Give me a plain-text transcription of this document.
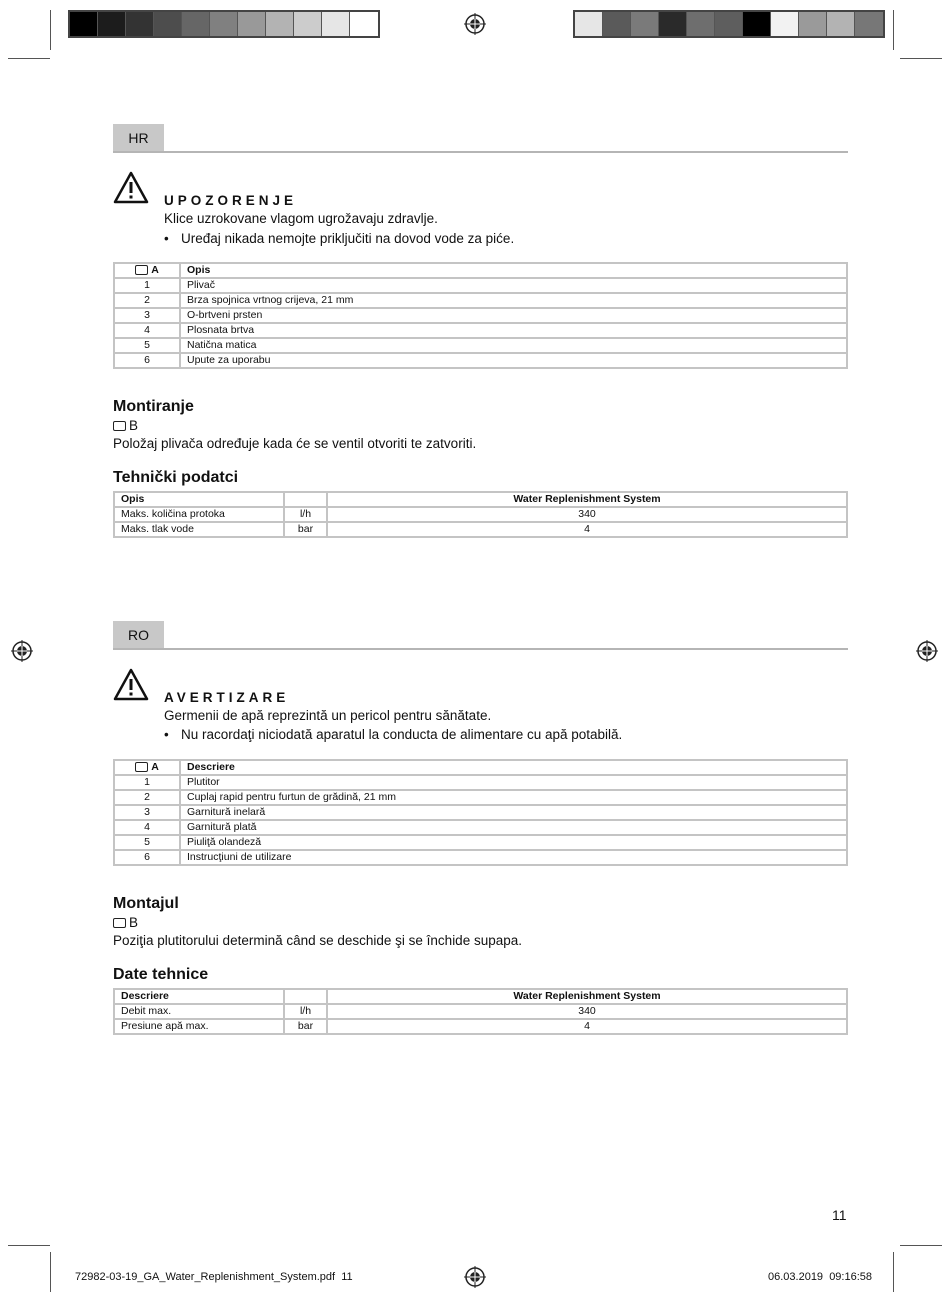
HR
UPOZORENJE
Klice uzrokovane vlagom ugrožavaju zdravlje.
• Uređaj nikada nemojte priključiti na dovod vode za piće.
A	Opis
1	Plivač
2	Brza spojnica vrtnog crijeva, 21 mm
3	O-brtveni prsten
4	Plosnata brtva
5	Natična matica
6	Upute za uporabu
Montiranje
B
Položaj plivača određuje kada će se ventil otvoriti te zatvoriti.
Tehnički podatci
Opis		Water Replenishment System
Maks. količina protoka	l/h	340
Maks. tlak vode	bar	4
RO
AVERTIZARE
Germenii de apă reprezintă un pericol pentru sănătate.
• Nu racordaţi niciodată aparatul la conducta de alimentare cu apă potabilă.
A	Descriere
1	Plutitor
2	Cuplaj rapid pentru furtun de grădină, 21 mm
3	Garnitură inelară
4	Garnitură plată
5	Piuliţă olandeză
6	Instrucţiuni de utilizare
Montajul
B
Poziţia plutitorului determină când se deschide şi se închide supapa.
Date tehnice
Descriere		Water Replenishment System
Debit max.	l/h	340
Presiune apă max.	bar	4
11
72982-03-19_GA_Water_Replenishment_System.pdf 11	06.03.2019 09:16:58
